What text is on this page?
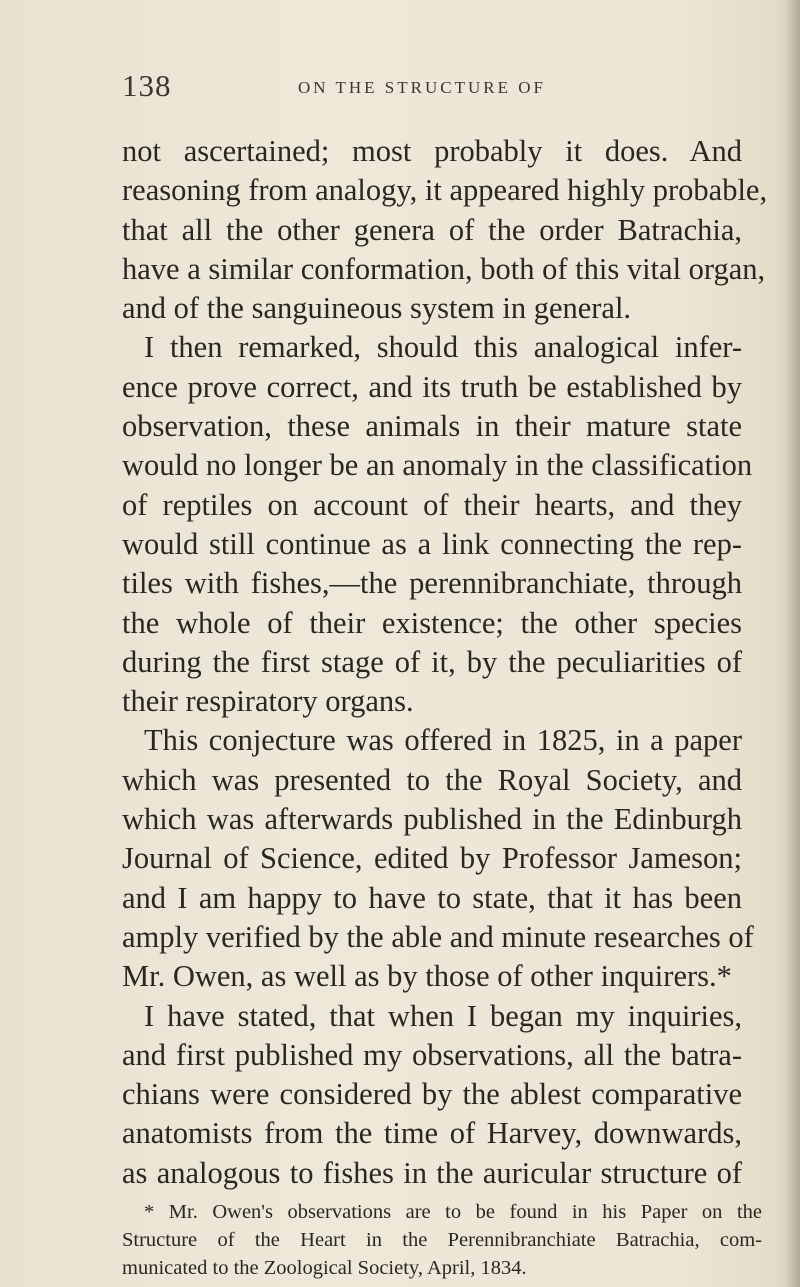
138	ON THE STRUCTURE OF
not ascertained; most probably it does. And
reasoning from analogy, it appeared highly probable,
that all the other genera of the order Batrachia,
have a similar conformation, both of this vital organ,
and of the sanguineous system in general.
I then remarked, should this analogical infer-
ence prove correct, and its truth be established by
observation, these animals in their mature state
would no longer be an anomaly in the classification
of reptiles on account of their hearts, and they
would still continue as a link connecting the rep-
tiles with fishes,—the perennibranchiate, through
the whole of their existence; the other species
during the first stage of it, by the peculiarities of
their respiratory organs.
This conjecture was offered in 1825, in a paper
which was presented to the Royal Society, and
which was afterwards published in the Edinburgh
Journal of Science, edited by Professor Jameson;
and I am happy to have to state, that it has been
amply verified by the able and minute researches of
Mr. Owen, as well as by those of other inquirers.*
I have stated, that when I began my inquiries,
and first published my observations, all the batra-
chians were considered by the ablest comparative
anatomists from the time of Harvey, downwards,
as analogous to fishes in the auricular structure of
* Mr. Owen's observations are to be found in his Paper on the
Structure of the Heart in the Perennibranchiate Batrachia, com-
municated to the Zoological Society, April, 1834.
